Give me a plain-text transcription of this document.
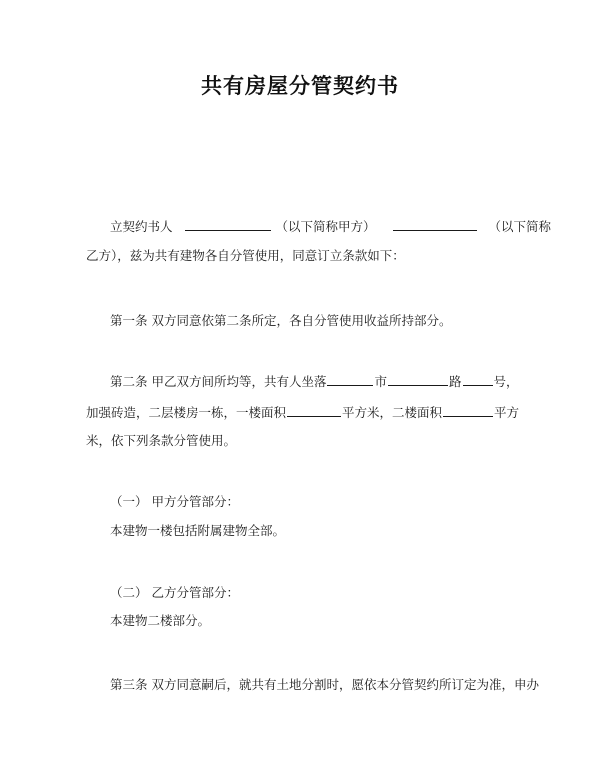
共有房屋分管契约书
立契约书人	（以下简称甲方）	（以下简称
乙方），兹为共有建物各自分管使用，同意订立条款如下：
第一条 双方同意依第二条所定，各自分管使用收益所持部分。
第二条 甲乙双方间所均等，共有人坐落	市	路	号，
加强砖造，二层楼房一栋，一楼面积	平方米，二楼面积	平方
米，依下列条款分管使用。
（一） 甲方分管部分：
本建物一楼包括附属建物全部。
（二） 乙方分管部分：
本建物二楼部分。
第三条 双方同意嗣后，就共有土地分割时，愿依本分管契约所订定为准，申办
